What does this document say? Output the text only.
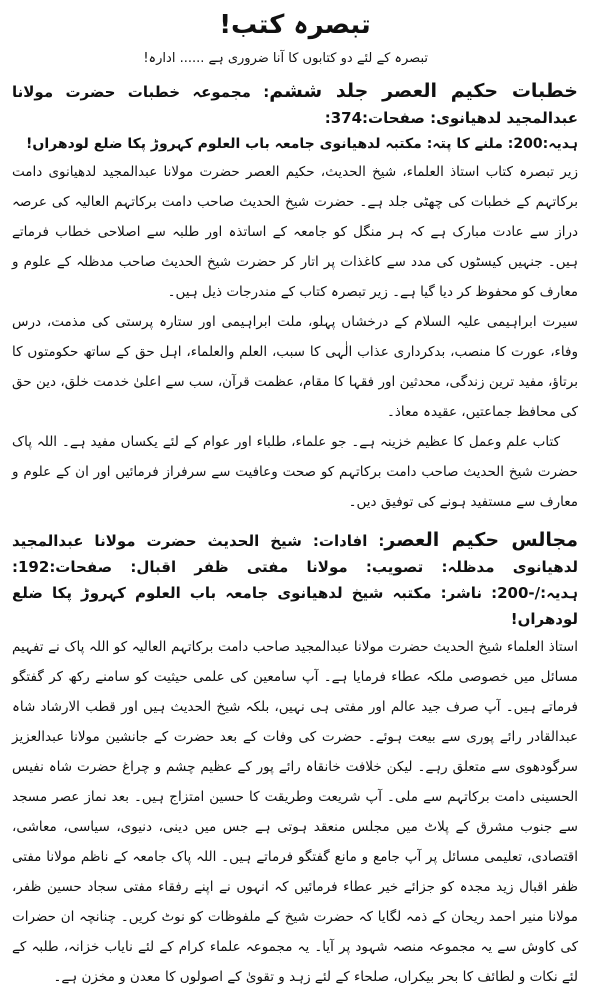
تبصرہ کتب!
تبصرہ کے لئے دو کتابوں کا آنا ضروری ہے ...... ادارہ!
خطبات حکیم العصر جلد ششم: مجموعہ خطبات حضرت مولانا عبدالمجید لدھیانوی: صفحات:374:
ہدیہ:200: ملنے کا پتہ: مکتبہ لدھیانوی جامعہ باب العلوم کہروڑ پکا ضلع لودھراں!

زیر تبصرہ کتاب استاذ العلماء، شیخ الحدیث، حکیم العصر حضرت مولانا عبدالمجید لدھیانوی دامت برکاتہم کے خطبات کی چھٹی جلد ہے۔ حضرت شیخ الحدیث صاحب دامت برکاتہم العالیہ کی عرصہ دراز سے عادت مبارک ہے کہ ہر منگل کو جامعہ کے اساتذہ اور طلبہ سے اصلاحی خطاب فرماتے ہیں۔ جنہیں کیسٹوں کی مدد سے کاغذات پر اتار کر حضرت شیخ الحدیث صاحب مدظلہ کے علوم و معارف کو محفوظ کر دیا گیا ہے۔ زیر تبصرہ کتاب کے مندرجات ذیل ہیں۔

سیرت ابراہیمی علیہ السلام کے درخشاں پہلو، ملت ابراہیمی اور ستارہ پرستی کی مذمت، درس وفاء، عورت کا منصب، بدکرداری عذاب الٰہی کا سبب، العلم والعلماء، اہل حق کے ساتھ حکومتوں کا برتاؤ، مفید ترین زندگی، محدثین اور فقہا کا مقام، عظمت قرآن، سب سے اعلیٰ خدمت خلق، دین حق کی محافظ جماعتیں، عقیدہ معاذ۔

کتاب علم وعمل کا عظیم خزینہ ہے۔ جو علماء، طلباء اور عوام کے لئے یکساں مفید ہے۔ اللہ پاک حضرت شیخ الحدیث صاحب دامت برکاتہم کو صحت وعافیت سے سرفراز فرمائیں اور ان کے علوم و معارف سے مستفید ہونے کی توفیق دیں۔

مجالس حکیم العصر: افادات: شیخ الحدیث حضرت مولانا عبدالمجید لدھیانوی مدظلہ: تصویب: مولانا مفتی ظفر اقبال: صفحات:192: ہدیہ:/-200: ناشر: مکتبہ شیخ لدھیانوی جامعہ باب العلوم کہروڑ پکا ضلع لودھراں!

استاذ العلماء شیخ الحدیث حضرت مولانا عبدالمجید صاحب دامت برکاتہم العالیہ کو اللہ پاک نے تفہیم مسائل میں خصوصی ملکہ عطاء فرمایا ہے۔ آپ سامعین کی علمی حیثیت کو سامنے رکھ کر گفتگو فرماتے ہیں۔ آپ صرف جید عالم اور مفتی ہی نہیں، بلکہ شیخ الحدیث ہیں اور قطب الارشاد شاہ عبدالقادر رائے پوری سے بیعت ہوئے۔ حضرت کی وفات کے بعد حضرت کے جانشین مولانا عبدالعزیز سرگودھوی سے متعلق رہے۔ لیکن خلافت خانقاہ رائے پور کے عظیم چشم و چراغ حضرت شاہ نفیس الحسینی دامت برکاتہم سے ملی۔ آپ شریعت وطریقت کا حسین امتزاج ہیں۔ بعد نماز عصر مسجد سے جنوب مشرق کے پلاٹ میں مجلس منعقد ہوتی ہے جس میں دینی، دنیوی، سیاسی، معاشی، اقتصادی، تعلیمی مسائل پر آپ جامع و مانع گفتگو فرماتے ہیں۔ اللہ پاک جامعہ کے ناظم مولانا مفتی ظفر اقبال زید مجدہ کو جزائے خیر عطاء فرمائیں کہ انہوں نے اپنے رفقاء مفتی سجاد حسین ظفر، مولانا منیر احمد ریحان کے ذمہ لگایا کہ حضرت شیخ کے ملفوظات کو نوٹ کریں۔ چنانچہ ان حضرات کی کاوش سے یہ مجموعہ منصہ شہود پر آیا۔ یہ مجموعہ علماء کرام کے لئے نایاب خزانہ، طلبہ کے لئے نکات و لطائف کا بحر بیکراں، صلحاء کے لئے زہد و تقویٰ کے اصولوں کا معدن و مخزن ہے۔
